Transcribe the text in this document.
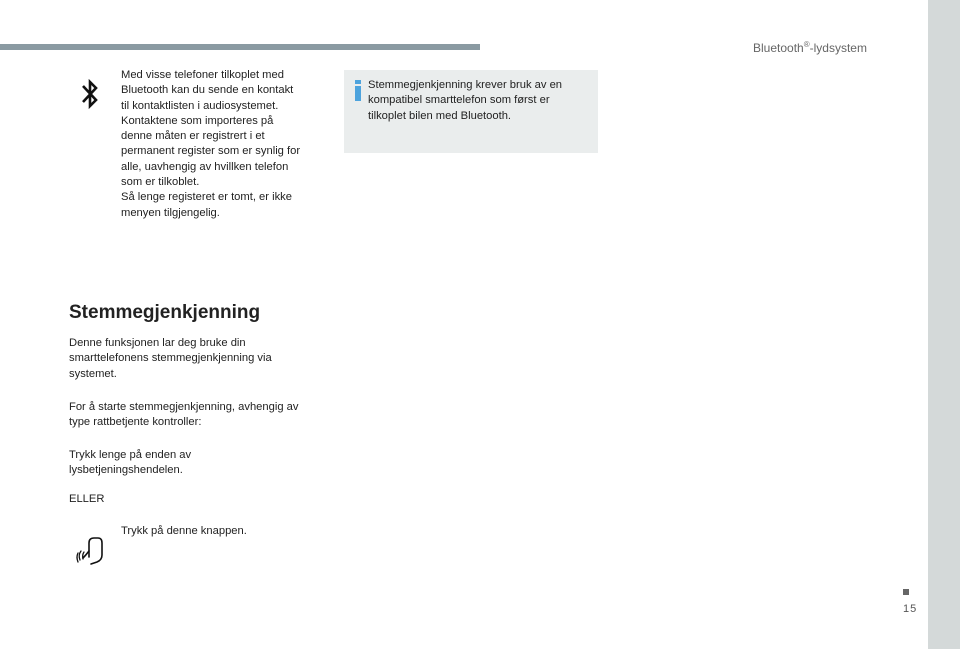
Bluetooth®-lydsystem
Med visse telefoner tilkoplet med
Bluetooth kan du sende en kontakt
til kontaktlisten i audiosystemet.
Kontaktene som importeres på
denne måten er registrert i et
permanent register som er synlig for
alle, uavhengig av hvillken telefon
som er tilkoblet.
Så lenge registeret er tomt, er ikke
menyen tilgjengelig.
Stemmegjenkjenning krever bruk av en
kompatibel smarttelefon som først er
tilkoplet bilen med Bluetooth.
Stemmegjenkjenning
Denne funksjonen lar deg bruke din
smarttelefonens stemmegjenkjenning via
systemet.
For å starte stemmegjenkjenning, avhengig av
type rattbetjente kontroller:
Trykk lenge på enden av
lysbetjeningshendelen.
ELLER
Trykk på denne knappen.
15
